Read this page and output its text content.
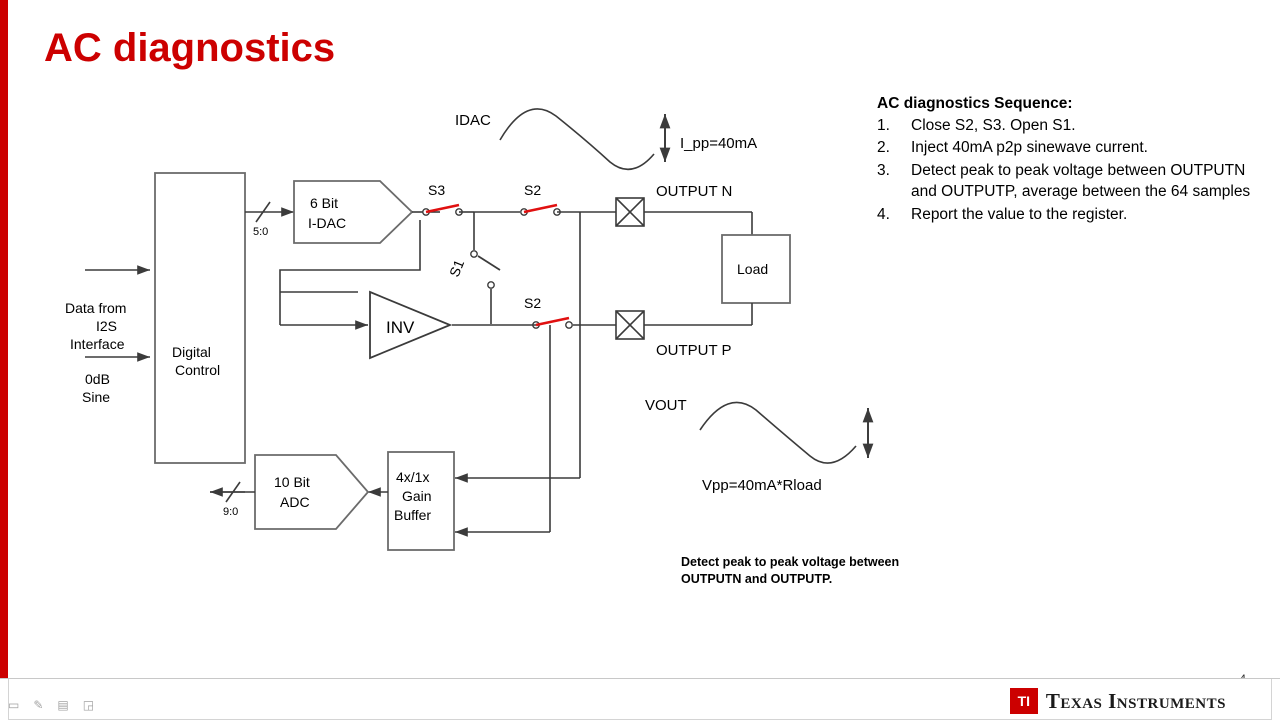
AC diagnostics
Data from
I2S
Interface
0dB
Sine
Digital
Control
6 Bit
I-DAC
5:0
9:0
10 Bit
ADC
4x/1x
Gain
Buffer
INV
Load
S3	S2
S2
S1
IDAC
I_pp=40mA
OUTPUT N
OUTPUT P
VOUT
Vpp=40mA*Rload
AC diagnostics Sequence:
1. Close S2, S3. Open S1.
2. Inject 40mA p2p sinewave current.
3. Detect peak to peak voltage between OUTPUTN and OUTPUTP, average between the 64 samples
4. Report the value to the register.
Detect peak to peak voltage between
OUTPUTN and OUTPUTP.
TI
Texas Instruments
▭ ✎ ▤ ◲
